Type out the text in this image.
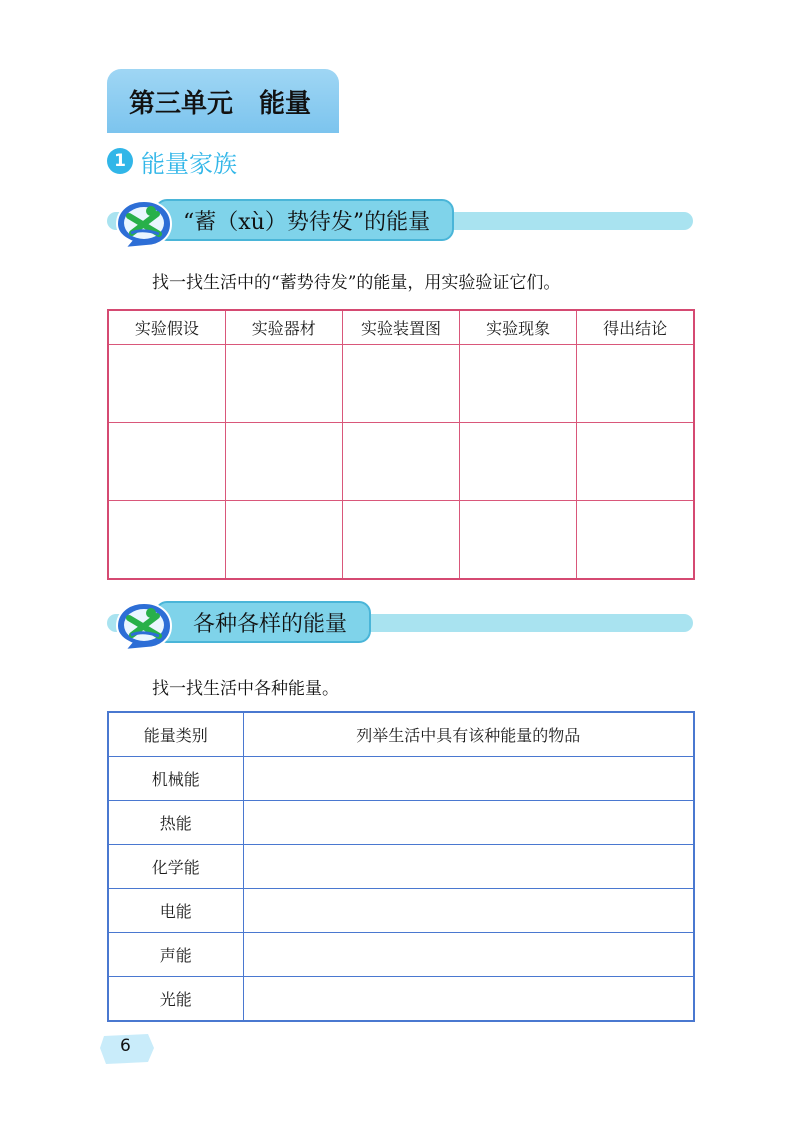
第三单元　能量
1 能量家族
“蓄（xù）势待发”的能量
找一找生活中的“蓄势待发”的能量，用实验验证它们。
实验假设	实验器材	实验装置图	实验现象	得出结论

各种各样的能量
找一找生活中各种能量。
能量类别	列举生活中具有该种能量的物品
机械能	
热能	
化学能	
电能	
声能	
光能	
6
